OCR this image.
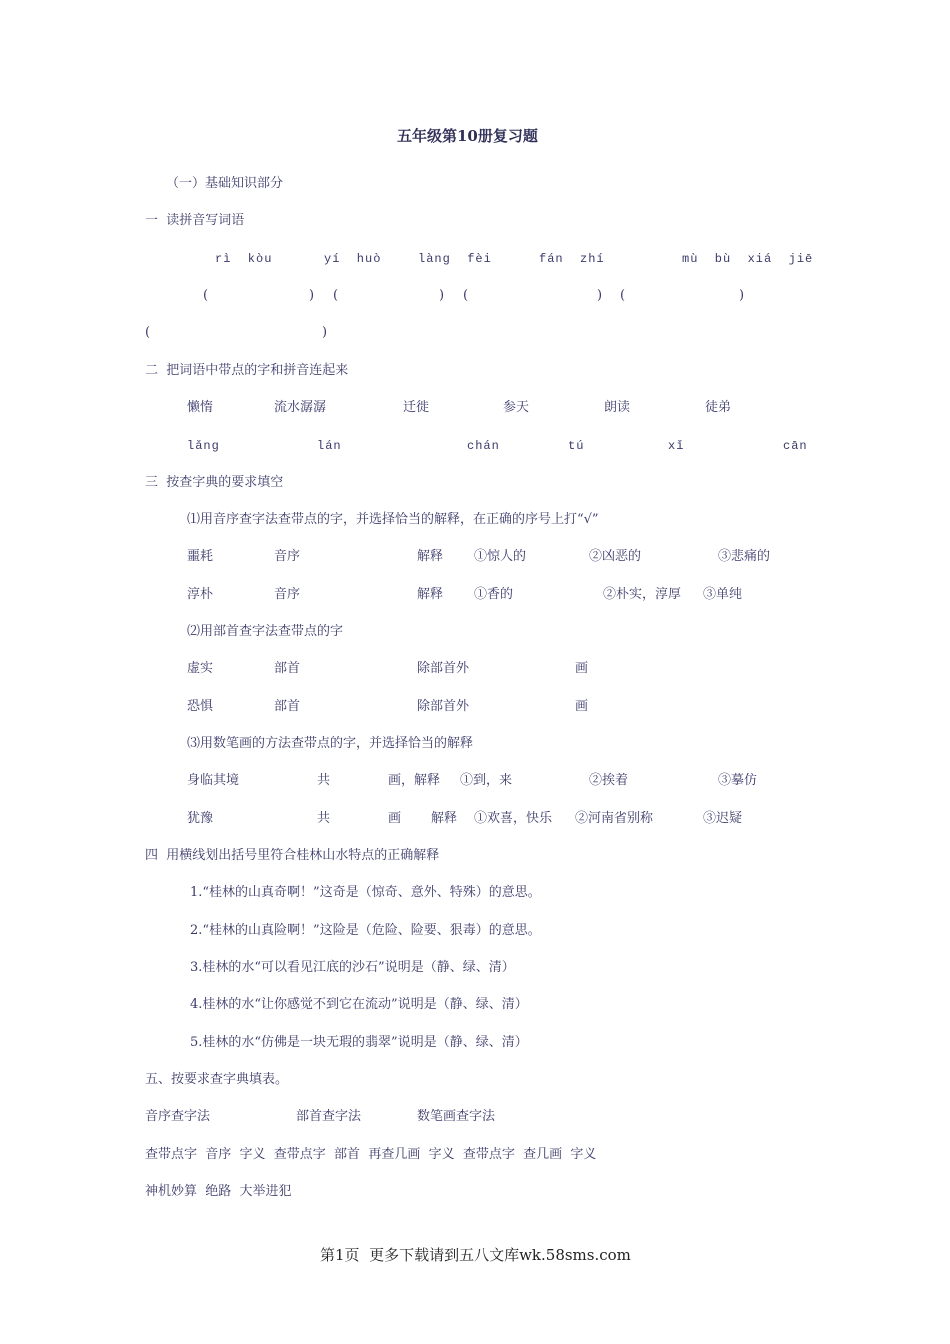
五年级第10册复习题
（一）基础知识部分
一  读拼音写词语
rì  kòu	yí  huò	làng  fèi	fán  zhí	mù  bù  xiá  jiē
(	) (	) (	) (	)
(	)
二  把词语中带点的字和拼音连起来
懒惰	流水潺潺	迁徙	参天	朗读	徒弟
lǎng	lán	chán	tú	xǐ	cān
三  按查字典的要求填空
⑴用音序查字法查带点的字，并选择恰当的解释，在正确的序号上打“√”
噩耗	音序	解释 ①惊人的	②凶恶的	③悲痛的
淳朴	音序	解释 ①香的	②朴实，淳厚 ③单纯
⑵用部首查字法查带点的字
虚实	部首	除部首外	画
恐惧	部首	除部首外	画
⑶用数笔画的方法查带点的字，并选择恰当的解释
身临其境	共	画，解释 ①到，来	②挨着	③摹仿
犹豫	共	画 解释 ①欢喜，快乐 ②河南省别称	③迟疑
四  用横线划出括号里符合桂林山水特点的正确解释
1.“桂林的山真奇啊！”这奇是（惊奇、意外、特殊）的意思。
2.“桂林的山真险啊！”这险是（危险、险要、狠毒）的意思。
3.桂林的水“可以看见江底的沙石”说明是（静、绿、清）
4.桂林的水“让你感觉不到它在流动”说明是（静、绿、清）
5.桂林的水“仿佛是一块无瑕的翡翠”说明是（静、绿、清）
五、按要求查字典填表。
音序查字法	部首查字法	数笔画查字法
查带点字  音序  字义  查带点字  部首  再查几画  字义  查带点字  查几画  字义
神机妙算  绝路  大举进犯
第1页  更多下载请到五八文库wk.58sms.com
